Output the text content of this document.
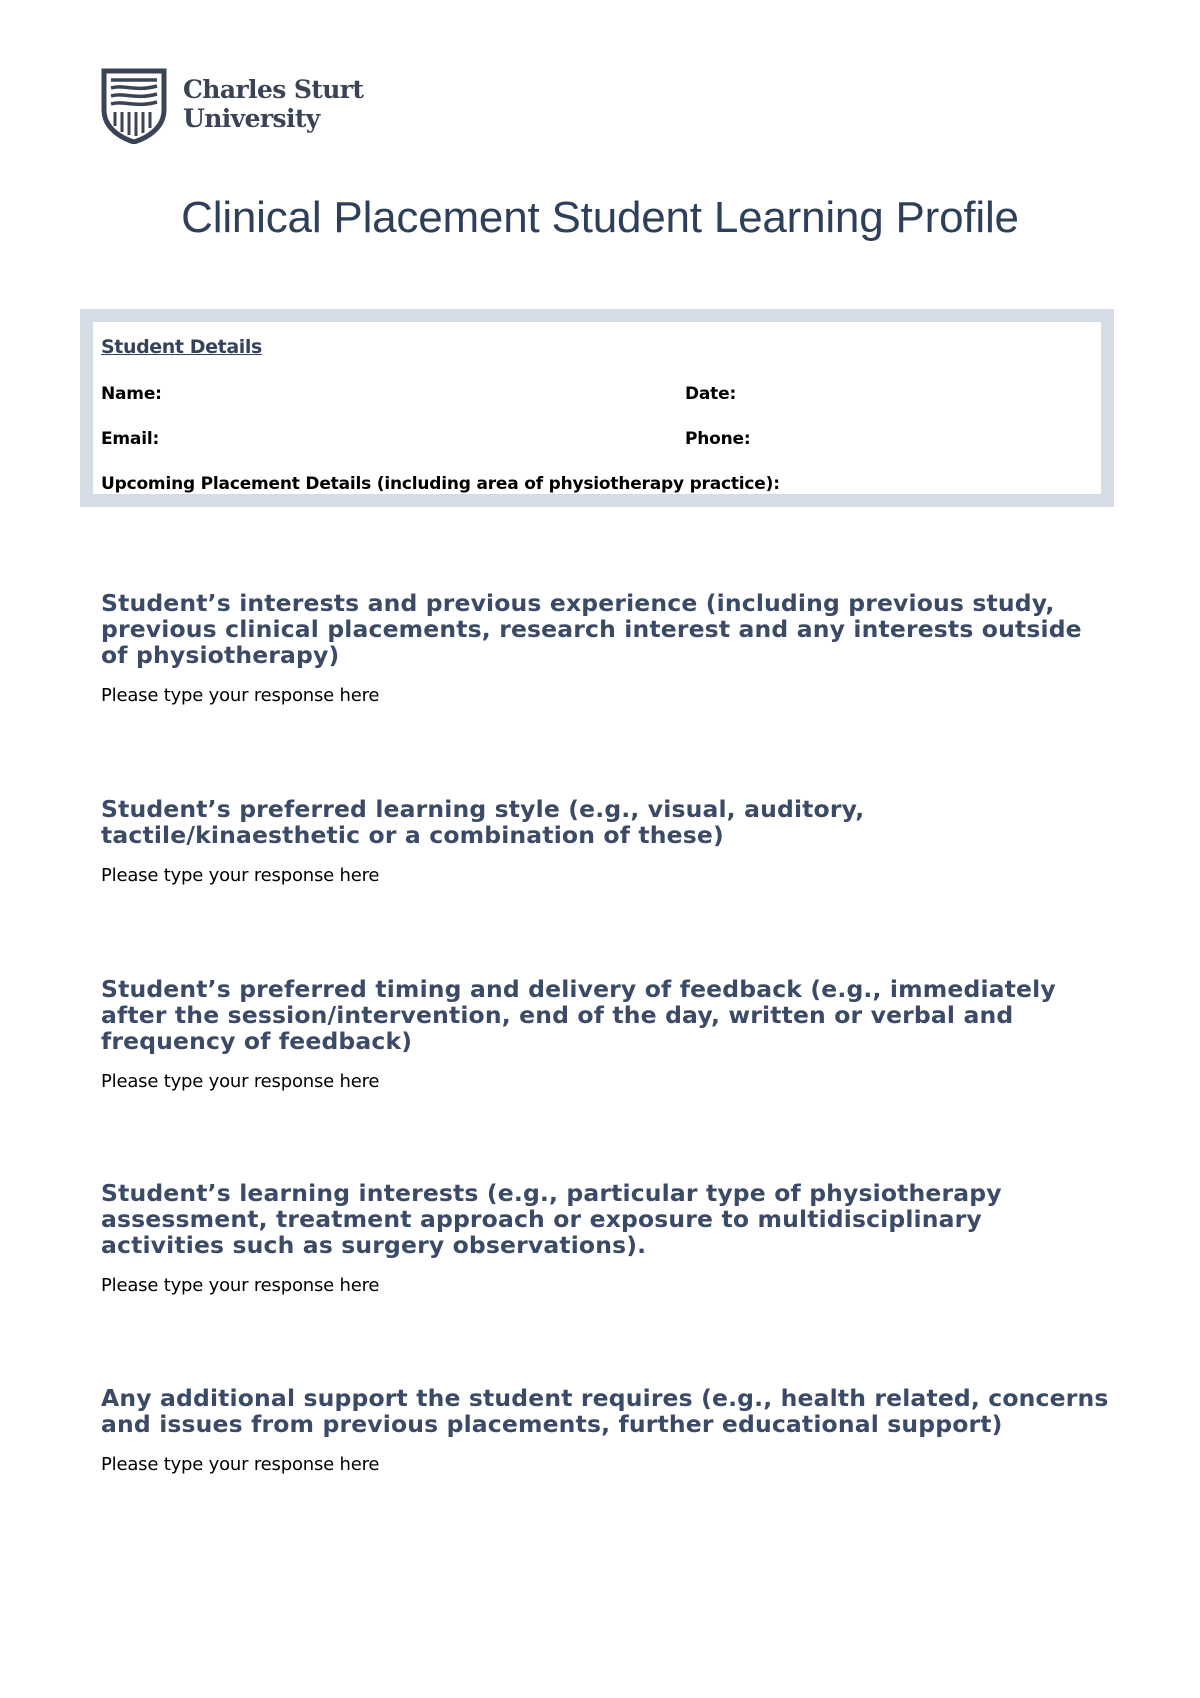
Charles Sturt
University
Clinical Placement Student Learning Profile
Student Details
Name:	Date:
Email:	Phone:
Upcoming Placement Details (including area of physiotherapy practice):
Student’s interests and previous experience (including previous study, previous clinical placements, research interest and any interests outside of physiotherapy)
Please type your response here
Student’s preferred learning style (e.g., visual, auditory, tactile/kinaesthetic or a combination of these)
Please type your response here
Student’s preferred timing and delivery of feedback (e.g., immediately after the session/intervention, end of the day, written or verbal and frequency of feedback)
Please type your response here
Student’s learning interests (e.g., particular type of physiotherapy assessment, treatment approach or exposure to multidisciplinary activities such as surgery observations).
Please type your response here
Any additional support the student requires (e.g., health related, concerns and issues from previous placements, further educational support)
Please type your response here
